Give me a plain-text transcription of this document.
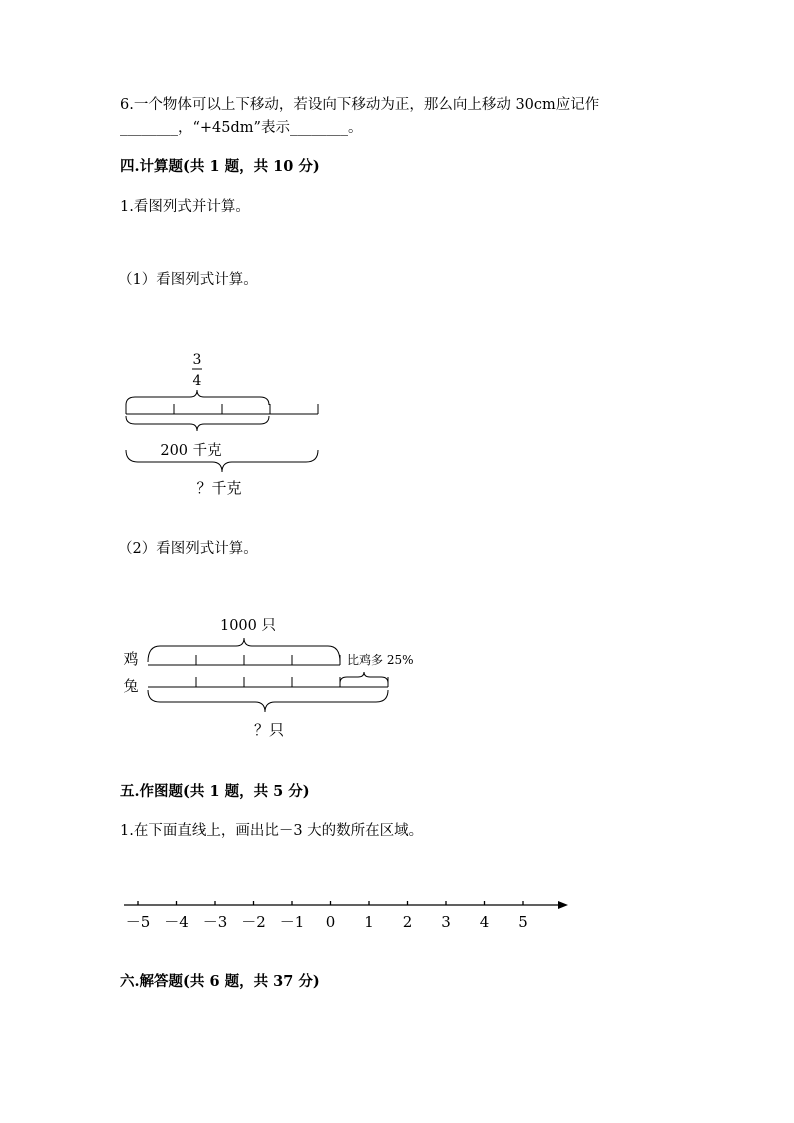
6.一个物体可以上下移动，若设向下移动为正，那么向上移动 30cm应记作
________，“+45dm”表示________。
四.计算题(共 1 题，共 10 分)
1.看图列式并计算。
（1）看图列式计算。
3
4
200 千克
？千克
（2）看图列式计算。
1000 只
鸡	比鸡多 25%
兔
？只
五.作图题(共 1 题，共 5 分)
1.在下面直线上，画出比－3 大的数所在区域。
－5 －4 －3 －2 －1 0 1 2 3 4 5
六.解答题(共 6 题，共 37 分)
